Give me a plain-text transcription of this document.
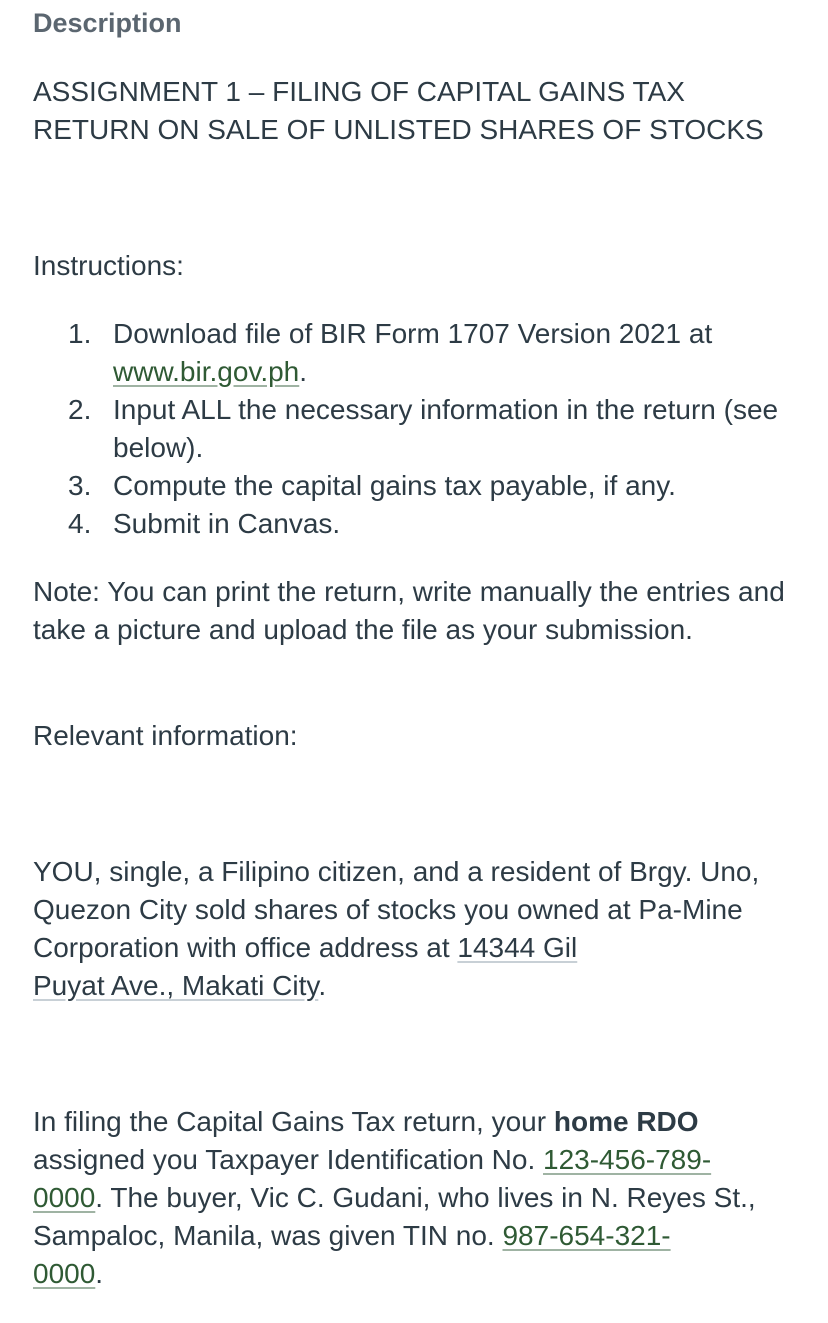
Description
ASSIGNMENT 1 – FILING OF CAPITAL GAINS TAX
RETURN ON SALE OF UNLISTED SHARES OF STOCKS

Instructions:

1. Download file of BIR Form 1707 Version 2021 at www.bir.gov.ph.
2. Input ALL the necessary information in the return (see below).
3. Compute the capital gains tax payable, if any.
4. Submit in Canvas.

Note: You can print the return, write manually the entries and take a picture and upload the file as your submission.

Relevant information:

YOU, single, a Filipino citizen, and a resident of Brgy. Uno, Quezon City sold shares of stocks you owned at Pa-Mine Corporation with office address at 14344 Gil
Puyat Ave., Makati City.

In filing the Capital Gains Tax return, your home RDO assigned you Taxpayer Identification No. 123-456-789-
0000. The buyer, Vic C. Gudani, who lives in N. Reyes St., Sampaloc, Manila, was given TIN no. 987-654-321-
0000.
